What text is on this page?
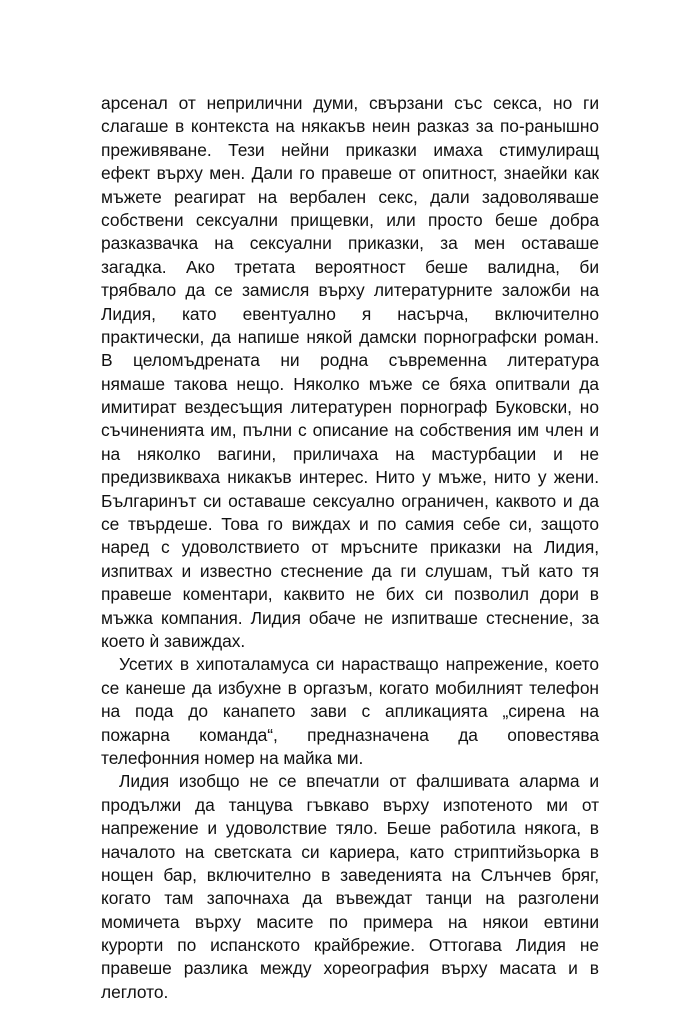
арсенал от неприлични думи, свързани със секса, но ги
слагаше в контекста на някакъв неин разказ за по-ранышно
преживяване. Тези нейни приказки имаха стимулиращ
ефект върху мен. Дали го правеше от опитност, знаейки как
мъжете реагират на вербален секс, дали задоволяваше
собствени сексуални прищевки, или просто беше добра
разказвачка на сексуални приказки, за мен оставаше
загадка. Ако третата вероятност беше валидна, би
трябвало да се замисля върху литературните заложби на
Лидия, като евентуално я насърча, включително
практически, да напише някой дамски порнографски роман.
В целомъдрената ни родна съвременна литература
нямаше такова нещо. Няколко мъже се бяха опитвали да
имитират вездесъщия литературен порнограф Буковски, но
съчиненията им, пълни с описание на собствения им член и
на няколко вагини, приличаха на мастурбации и не
предизвикваха никакъв интерес. Нито у мъже, нито у жени.
Българинът си оставаше сексуално ограничен, каквото и да
се твърдеше. Това го виждах и по самия себе си, защото
наред с удоволствието от мръсните приказки на Лидия,
изпитвах и известно стеснение да ги слушам, тъй като тя
правеше коментари, каквито не бих си позволил дори в
мъжка компания. Лидия обаче не изпитваше стеснение, за
което ѝ завиждах.
Усетих в хипоталамуса си нарастващо напрежение, което
се канеше да избухне в оргазъм, когато мобилният телефон
на пода до канапето зави с апликацията „сирена на
пожарна команда“, предназначена да оповестява
телефонния номер на майка ми.
Лидия изобщо не се впечатли от фалшивата аларма и
продължи да танцува гъвкаво върху изпотеното ми от
напрежение и удоволствие тяло. Беше работила някога, в
началото на светската си кариера, като стриптийзьорка в
нощен бар, включително в заведенията на Слънчев бряг,
когато там започнаха да въвеждат танци на разголени
момичета върху масите по примера на някои евтини
курорти по испанското крайбрежие. Оттогава Лидия не
правеше разлика между хореография върху масата и в
леглото.
